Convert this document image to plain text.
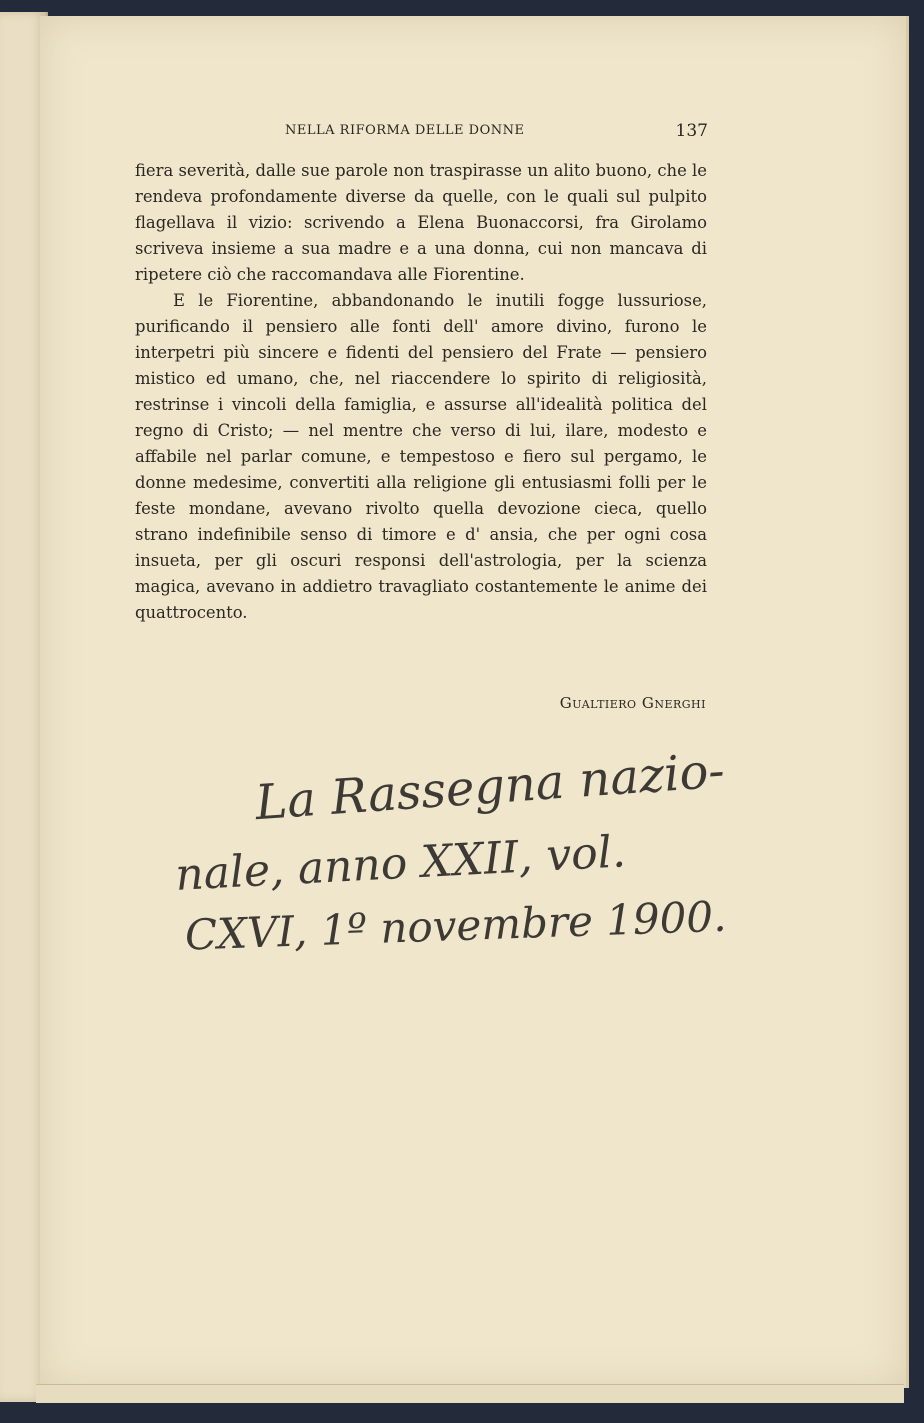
NELLA RIFORMA DELLE DONNE	137

fiera severità, dalle sue parole non traspirasse un alito buono, che le rendeva profondamente diverse da quelle, con le quali sul pulpito flagellava il vizio: scrivendo a Elena Buonaccorsi, fra Girolamo scriveva insieme a sua madre e a una donna, cui non mancava di ripetere ciò che raccomandava alle Fiorentine.

E le Fiorentine, abbandonando le inutili fogge lussuriose, purificando il pensiero alle fonti dell' amore divino, furono le interpetri più sincere e fidenti del pensiero del Frate — pensiero mistico ed umano, che, nel riaccendere lo spirito di religiosità, restrinse i vincoli della famiglia, e assurse all'idealità politica del regno di Cristo; — nel mentre che verso di lui, ilare, modesto e affabile nel parlar comune, e tempestoso e fiero sul pergamo, le donne medesime, convertiti alla religione gli entusiasmi folli per le feste mondane, avevano rivolto quella devozione cieca, quello strano indefinibile senso di timore e d' ansia, che per ogni cosa insueta, per gli oscuri responsi dell'astrologia, per la scienza magica, avevano in addietro travagliato costantemente le anime dei quattrocento.

Gualtiero Gnerghi
La Rassegna nazio-
nale, anno XXII, vol.
CXVI, 1º novembre 1900.
